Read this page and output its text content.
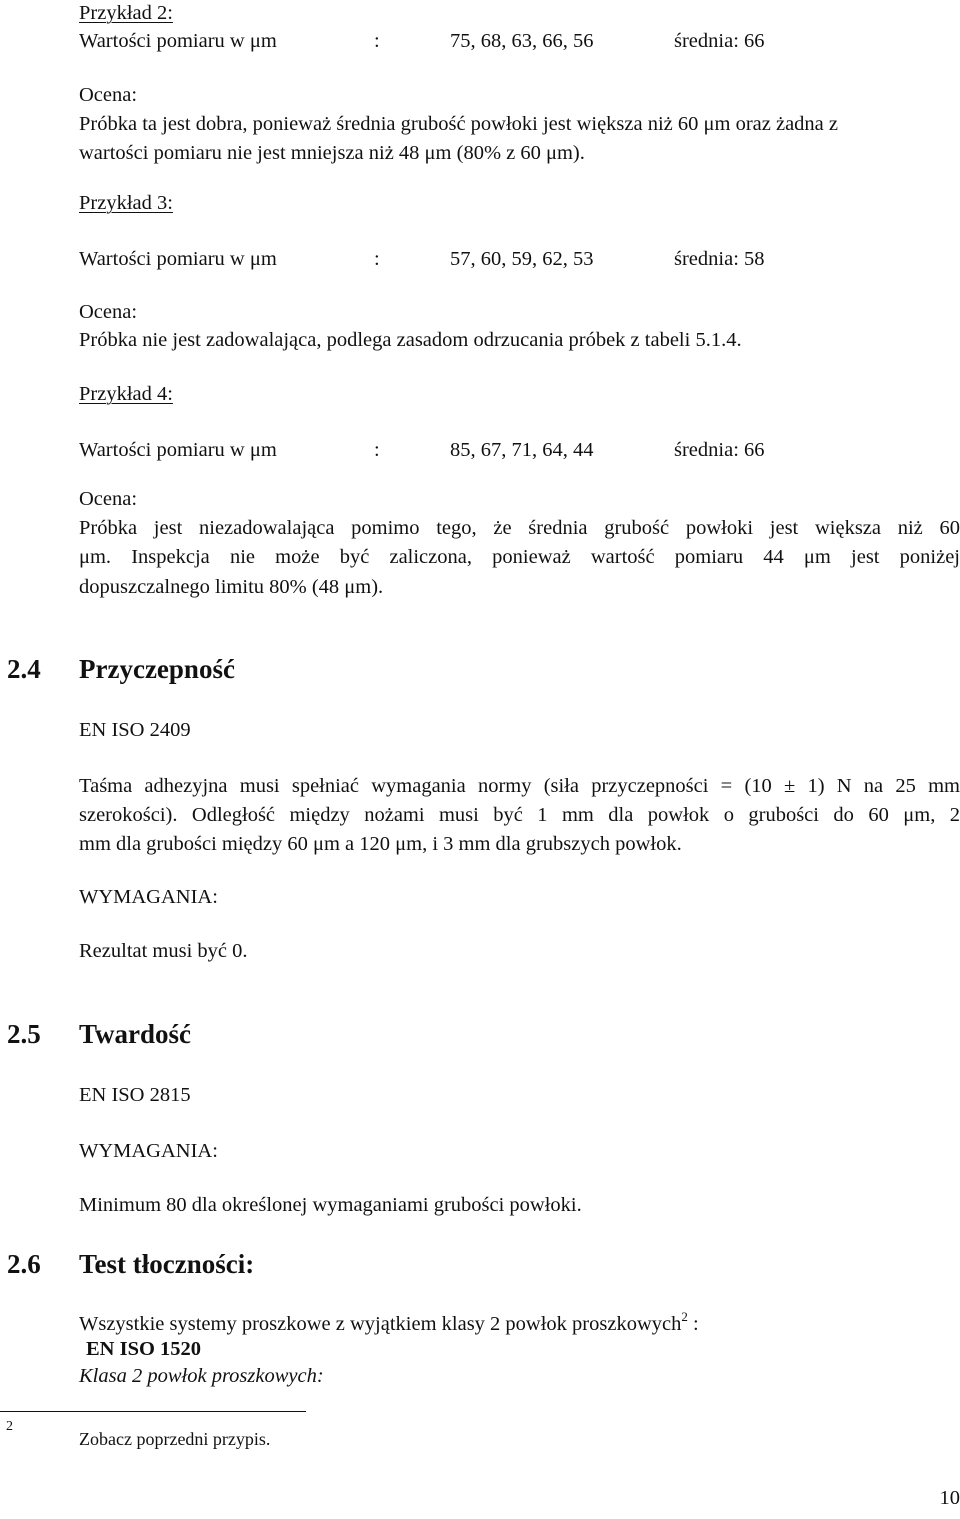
Przykład 2:
Wartości pomiaru w μm	:	75, 68, 63, 66, 56	średnia: 66
Ocena:
Próbka ta jest dobra, ponieważ średnia grubość powłoki jest większa niż 60 μm oraz żadna z
wartości pomiaru nie jest mniejsza niż 48 μm (80% z 60 μm).
Przykład 3:
Wartości pomiaru w μm	:	57, 60, 59, 62, 53	średnia: 58
Ocena:
Próbka nie jest zadowalająca, podlega zasadom odrzucania próbek z tabeli 5.1.4.
Przykład 4:
Wartości pomiaru w μm	:	85, 67, 71, 64, 44	średnia: 66
Ocena:
Próbka jest niezadowalająca pomimo tego, że średnia grubość powłoki jest większa niż 60
μm. Inspekcja nie może być zaliczona, ponieważ wartość pomiaru 44 μm jest poniżej
dopuszczalnego limitu 80% (48 μm).
2.4 Przyczepność
EN ISO 2409
Taśma adhezyjna musi spełniać wymagania normy (siła przyczepności = (10 ± 1) N na 25 mm
szerokości). Odległość między nożami musi być 1 mm dla powłok o grubości do 60 μm, 2
mm dla grubości między 60 μm a 120 μm, i 3 mm dla grubszych powłok.
WYMAGANIA:
Rezultat musi być 0.
2.5 Twardość
EN ISO 2815
WYMAGANIA:
Minimum 80 dla określonej wymaganiami grubości powłoki.
2.6 Test tłoczności:
Wszystkie systemy proszkowe z wyjątkiem klasy 2 powłok proszkowych$^2$ :
EN ISO 1520
Klasa 2 powłok proszkowych:
2
Zobacz poprzedni przypis.
10
